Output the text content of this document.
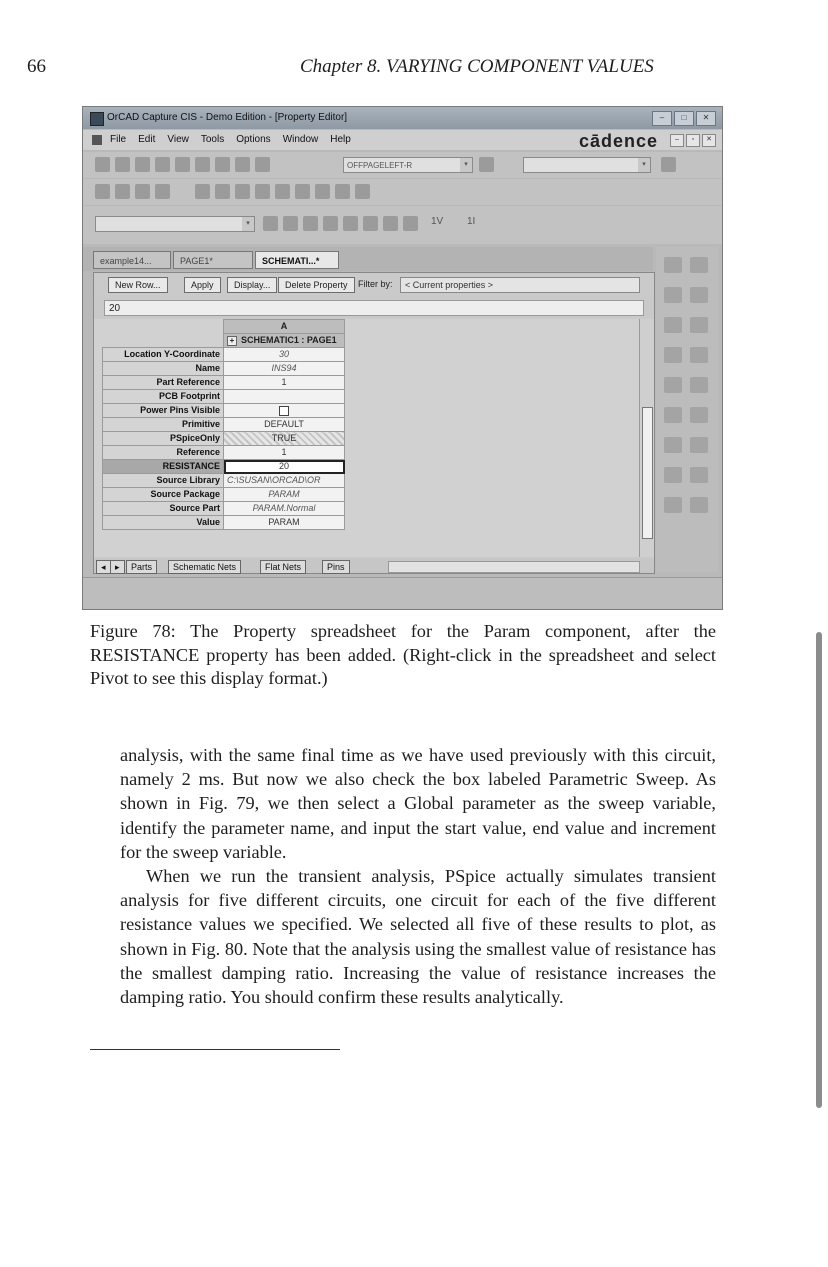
66	Chapter 8. VARYING COMPONENT VALUES
OrCAD Capture CIS - Demo Edition - [Property Editor]	–	□	✕
File Edit View Tools Options Window Help	cādence	–	▫	✕
OFFPAGELEFT-R	▾	▾
▾	1V 1I
example14...	PAGE1*	SCHEMATI...*
New Row...	Apply	Display...	Delete Property	Filter by:	< Current properties >
20
	A
	+ SCHEMATIC1 : PAGE1
Location Y-Coordinate	30
Name	INS94
Part Reference	1
PCB Footprint	
Power Pins Visible	
Primitive	DEFAULT
PSpiceOnly	TRUE
Reference	1
RESISTANCE	20
Source Library	C:\SUSAN\ORCAD\OR
Source Package	PARAM
Source Part	PARAM.Normal
Value	PARAM
◂	▸	Parts	Schematic Nets	Flat Nets	Pins

Figure 78: The Property spreadsheet for the Param component, after the RESISTANCE property has been added. (Right-click in the spreadsheet and select Pivot to see this display format.)

analysis, with the same final time as we have used previously with this circuit, namely 2 ms. But now we also check the box labeled Parametric Sweep. As shown in Fig. 79, we then select a Global parameter as the sweep variable, identify the parameter name, and input the start value, end value and increment for the sweep variable.

When we run the transient analysis, PSpice actually simulates transient analysis for five different circuits, one circuit for each of the five different resistance values we specified. We selected all five of these results to plot, as shown in Fig. 80. Note that the analysis using the smallest value of resistance has the smallest damping ratio. Increasing the value of resistance increases the damping ratio. You should confirm these results analytically.
